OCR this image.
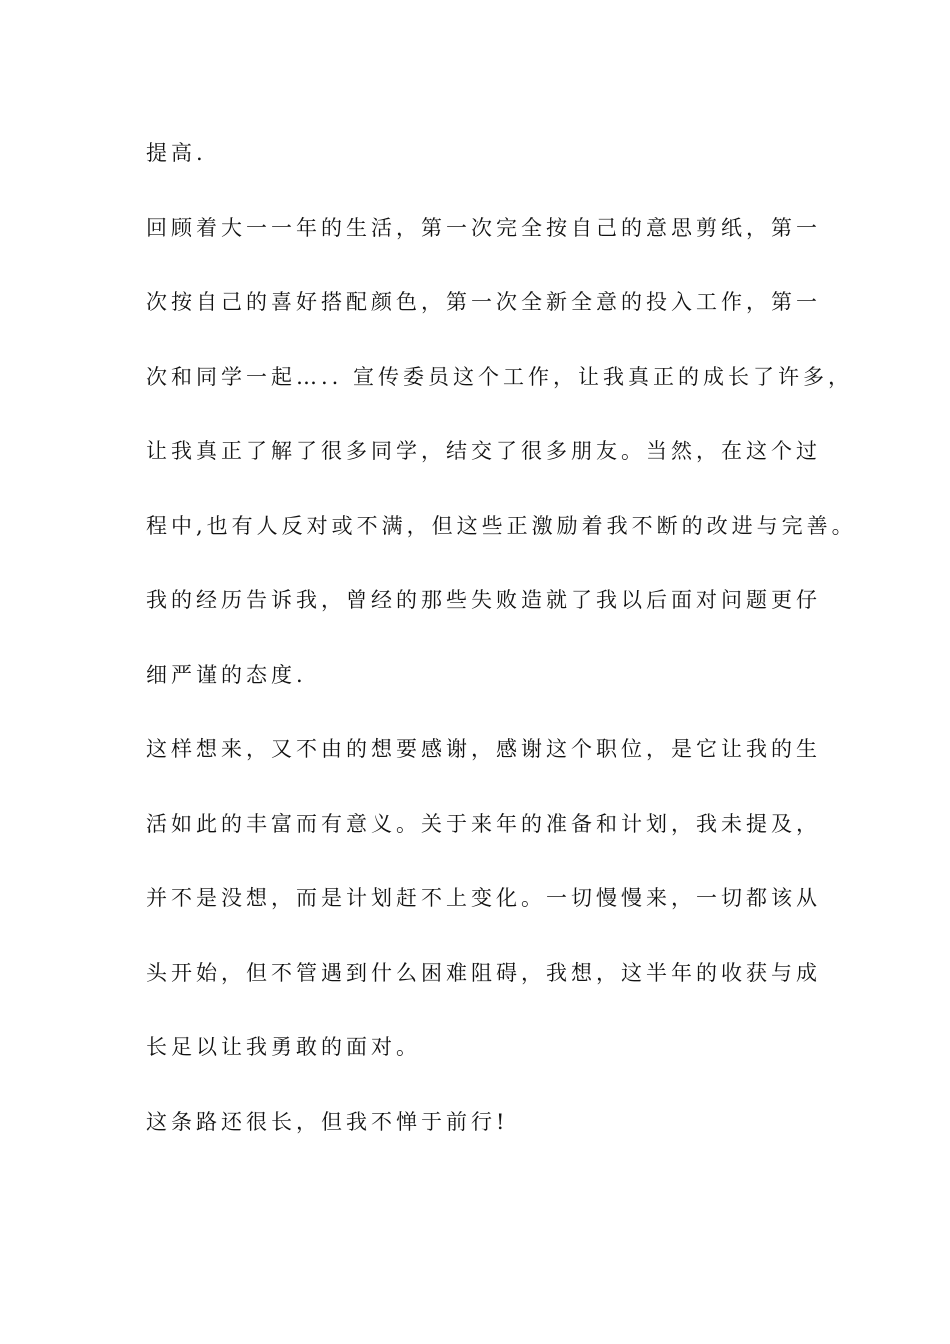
提高.
回顾着大一一年的生活，第一次完全按自己的意思剪纸，第一
次按自己的喜好搭配颜色，第一次全新全意的投入工作，第一
次和同学一起….. 宣传委员这个工作，让我真正的成长了许多，
让我真正了解了很多同学，结交了很多朋友。当然，在这个过
程中,也有人反对或不满，但这些正激励着我不断的改进与完善。
我的经历告诉我，曾经的那些失败造就了我以后面对问题更仔
细严谨的态度.
这样想来，又不由的想要感谢，感谢这个职位，是它让我的生
活如此的丰富而有意义。关于来年的准备和计划，我未提及，
并不是没想，而是计划赶不上变化。一切慢慢来，一切都该从
头开始，但不管遇到什么困难阻碍，我想，这半年的收获与成
长足以让我勇敢的面对。
这条路还很长，但我不惮于前行!
